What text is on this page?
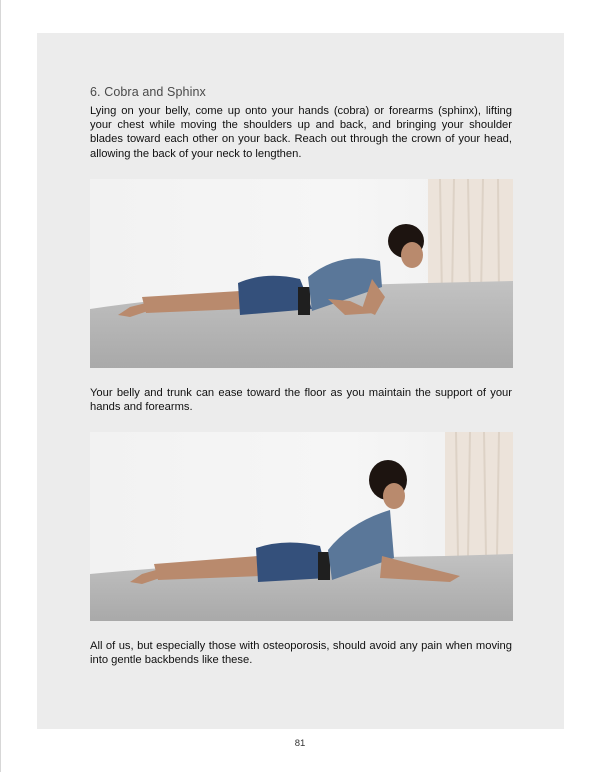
6. Cobra and Sphinx

Lying on your belly, come up onto your hands (cobra) or forearms (sphinx), lifting your chest while moving the shoulders up and back, and bringing your shoulder blades toward each other on your back. Reach out through the crown of your head, allowing the back of your neck to lengthen.

Your belly and trunk can ease toward the floor as you maintain the support of your hands and forearms.

All of us, but especially those with osteoporosis, should avoid any pain when moving into gentle backbends like these.

81
